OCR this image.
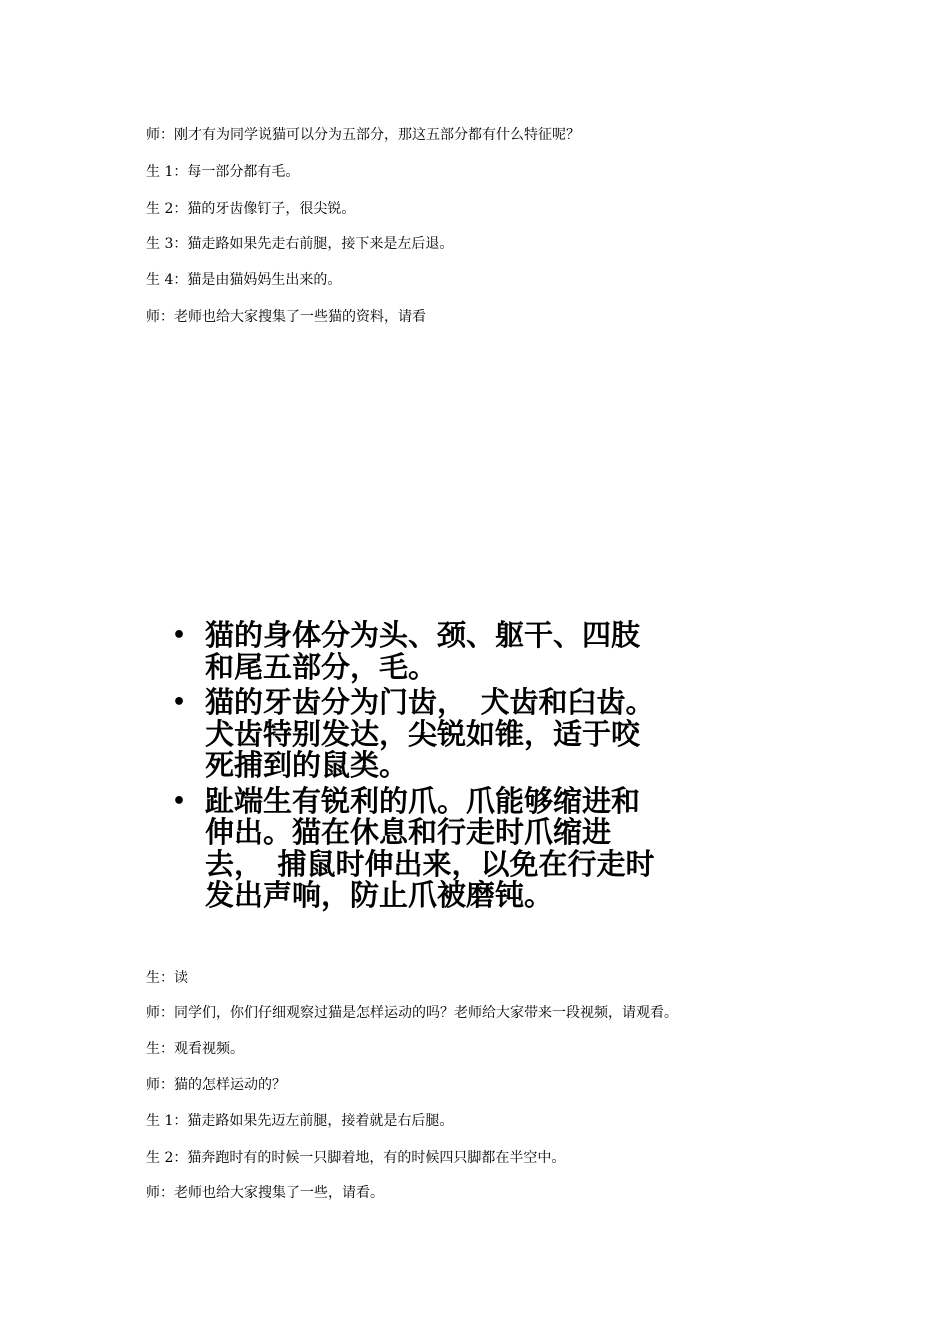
师：刚才有为同学说猫可以分为五部分，那这五部分都有什么特征呢？
生 1：每一部分都有毛。
生 2：猫的牙齿像钉子，很尖锐。
生 3：猫走路如果先走右前腿，接下来是左后退。
生 4：猫是由猫妈妈生出来的。
师：老师也给大家搜集了一些猫的资料，请看
• 猫的身体分为头、颈、躯干、四肢
和尾五部分，毛。
• 猫的牙齿分为门齿，　犬齿和臼齿。
犬齿特别发达，尖锐如锥，适于咬
死捕到的鼠类。
• 趾端生有锐利的爪。爪能够缩进和
伸出。猫在休息和行走时爪缩进
去，　捕鼠时伸出来，以免在行走时
发出声响，防止爪被磨钝。
生：读
师：同学们，你们仔细观察过猫是怎样运动的吗？老师给大家带来一段视频，请观看。
生：观看视频。
师：猫的怎样运动的？
生 1：猫走路如果先迈左前腿，接着就是右后腿。
生 2：猫奔跑时有的时候一只脚着地，有的时候四只脚都在半空中。
师：老师也给大家搜集了一些，请看。
